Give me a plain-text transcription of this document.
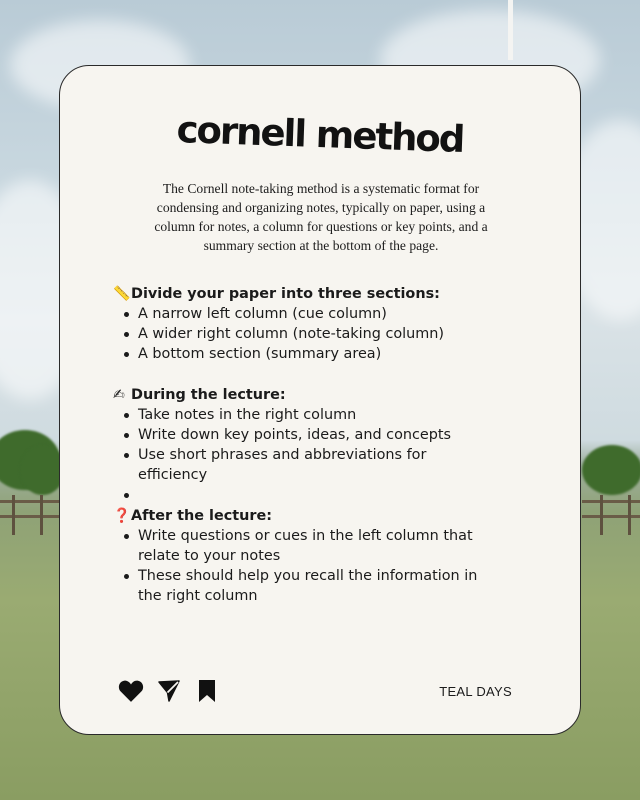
cornell method
The Cornell note-taking method is a systematic format for condensing and organizing notes, typically on paper, using a column for notes, a column for questions or key points, and a summary section at the bottom of the page.
📏 Divide your paper into three sections:
A narrow left column (cue column)
A wider right column (note-taking column)
A bottom section (summary area)
✍ During the lecture:
Take notes in the right column
Write down key points, ideas, and concepts
Use short phrases and abbreviations for efficiency
❓ After the lecture:
Write questions or cues in the left column that relate to your notes
These should help you recall the information in the right column
TEAL DAYS
